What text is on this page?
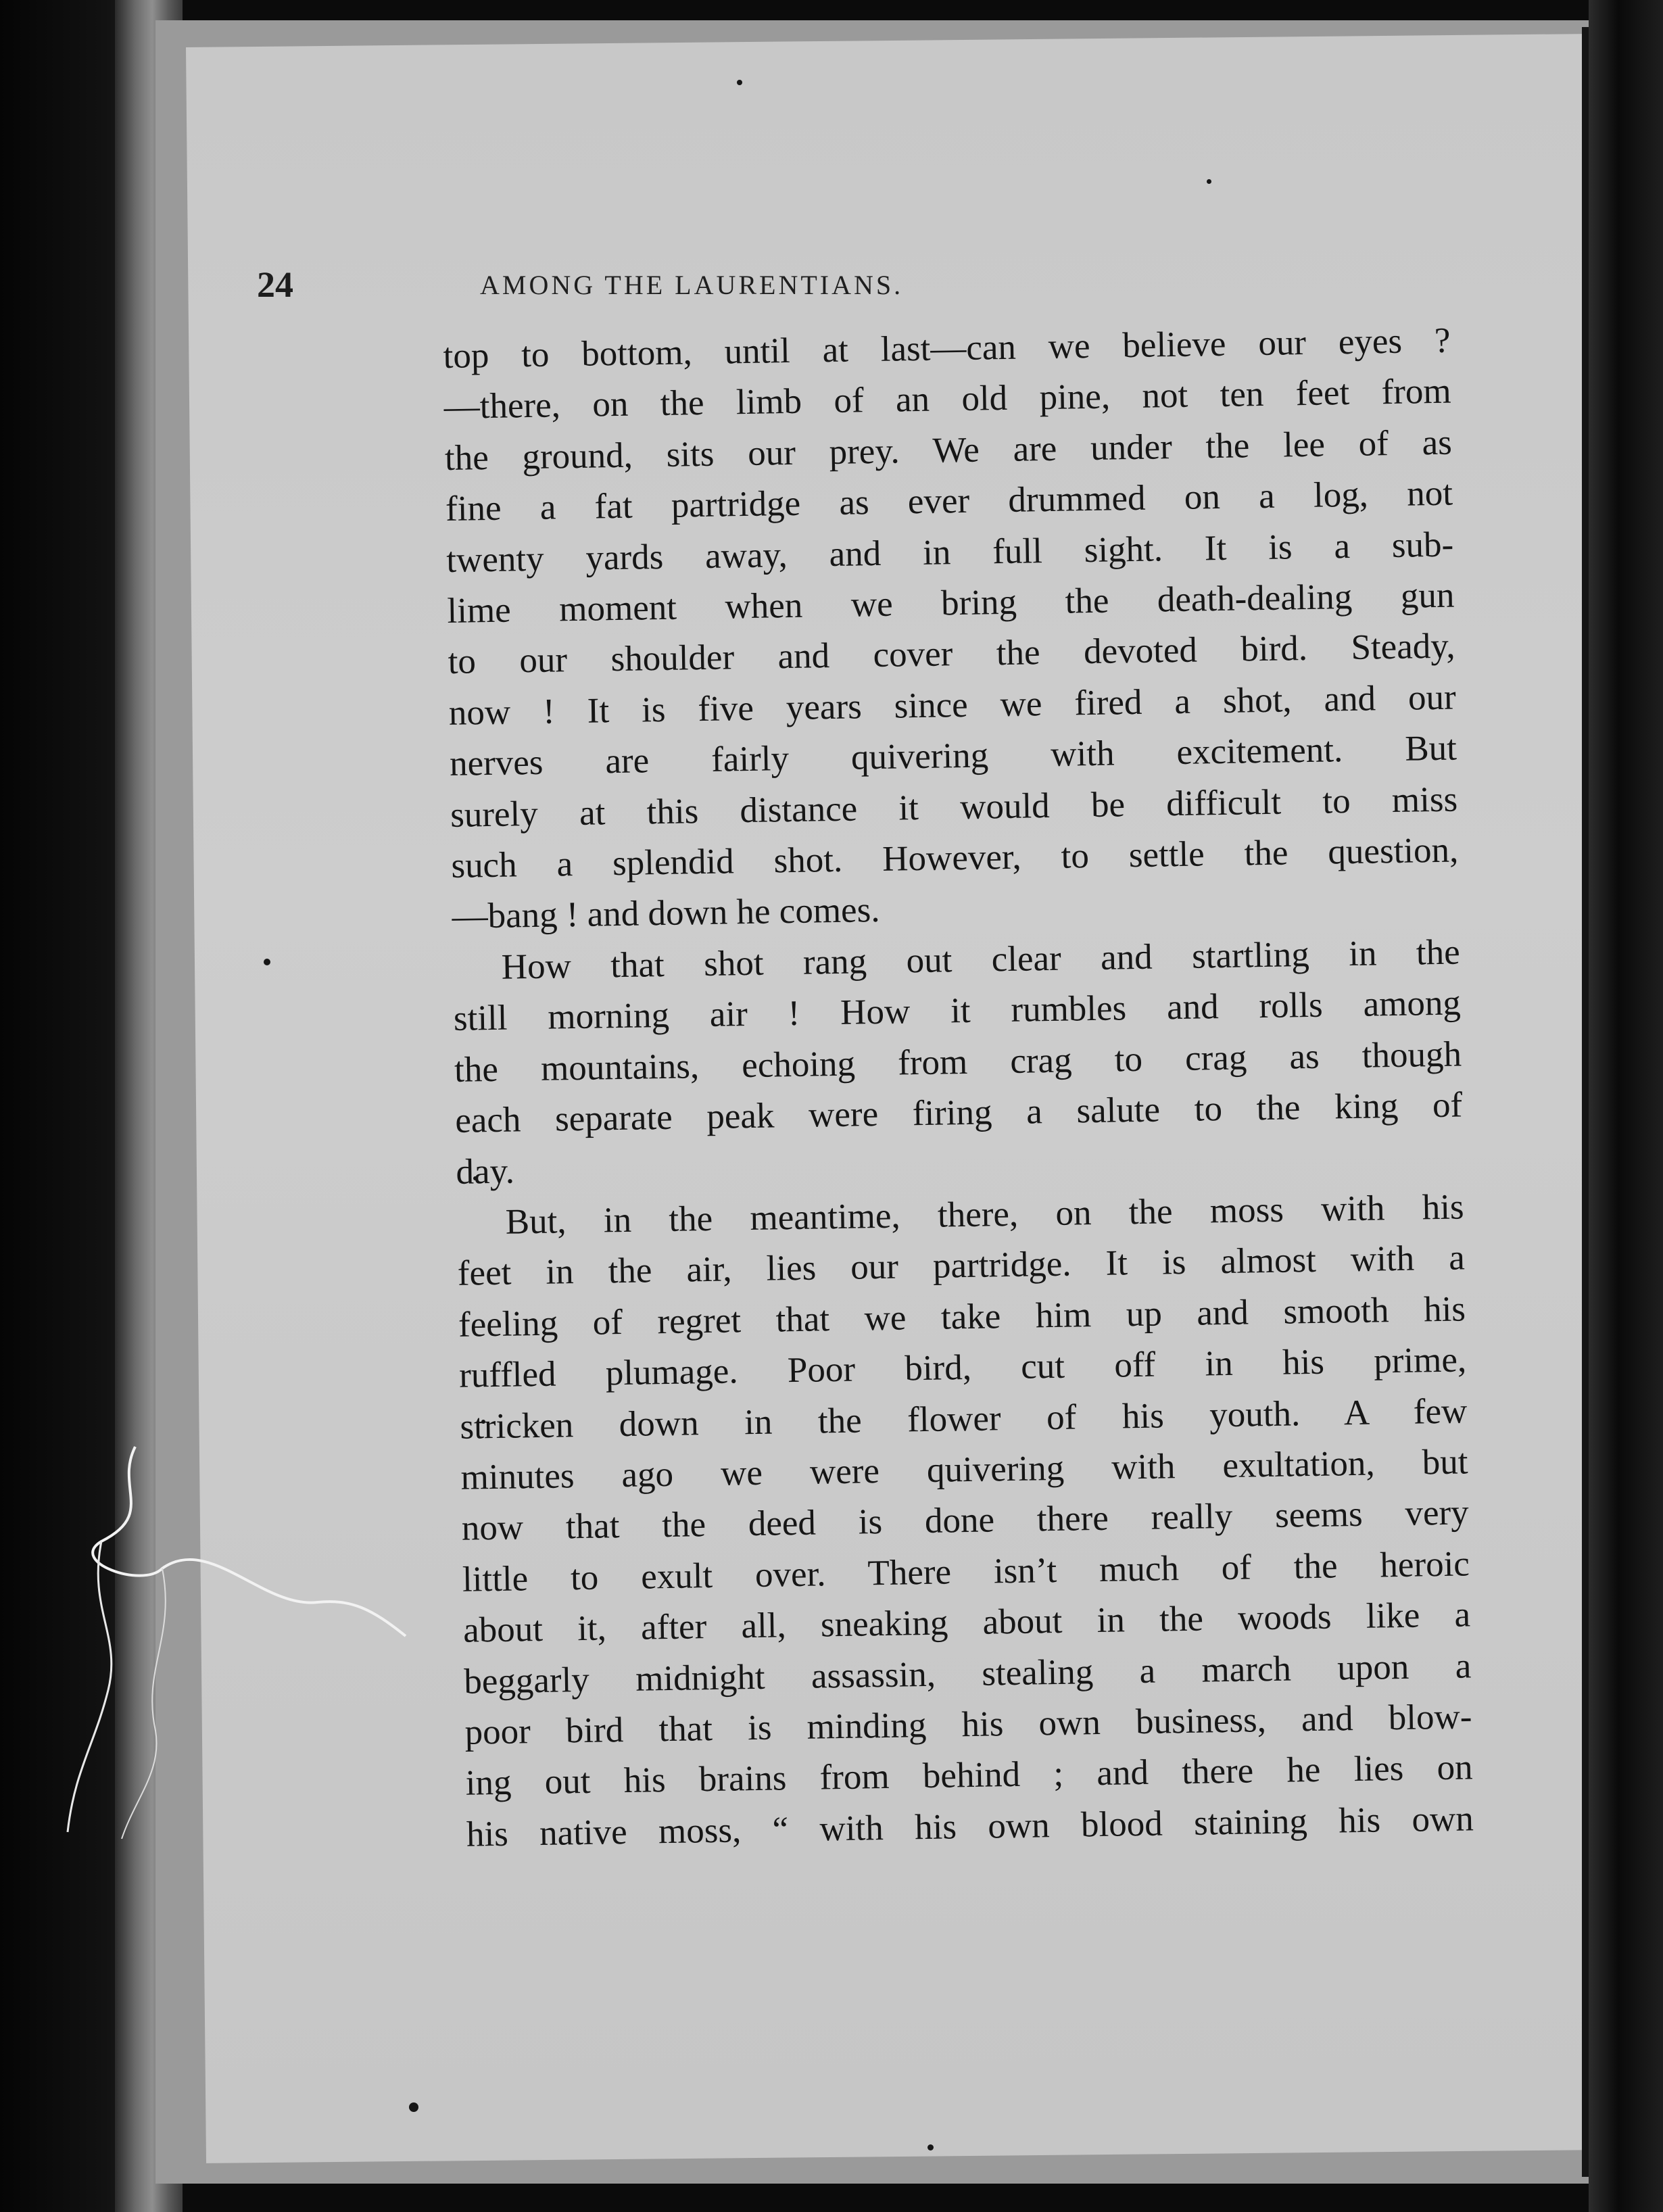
24	AMONG THE LAURENTIANS.
top to bottom, until at last—can we believe our eyes ?
—there, on the limb of an old pine, not ten feet from
the ground, sits our prey. We are under the lee of as
fine a fat partridge as ever drummed on a log, not
twenty yards away, and in full sight. It is a sub-
lime moment when we bring the death-dealing gun
to our shoulder and cover the devoted bird. Steady,
now ! It is five years since we fired a shot, and our
nerves are fairly quivering with excitement. But
surely at this distance it would be difficult to miss
such a splendid shot. However, to settle the question,
—bang ! and down he comes.
How that shot rang out clear and startling in the
still morning air ! How it rumbles and rolls among
the mountains, echoing from crag to crag as though
each separate peak were firing a salute to the king of
day.
But, in the meantime, there, on the moss with his
feet in the air, lies our partridge. It is almost with a
feeling of regret that we take him up and smooth his
ruffled plumage. Poor bird, cut off in his prime,
stricken down in the flower of his youth. A few
minutes ago we were quivering with exultation, but
now that the deed is done there really seems very
little to exult over. There isn’t much of the heroic
about it, after all, sneaking about in the woods like a
beggarly midnight assassin, stealing a march upon a
poor bird that is minding his own business, and blow-
ing out his brains from behind ; and there he lies on
his native moss, “ with his own blood staining his own
